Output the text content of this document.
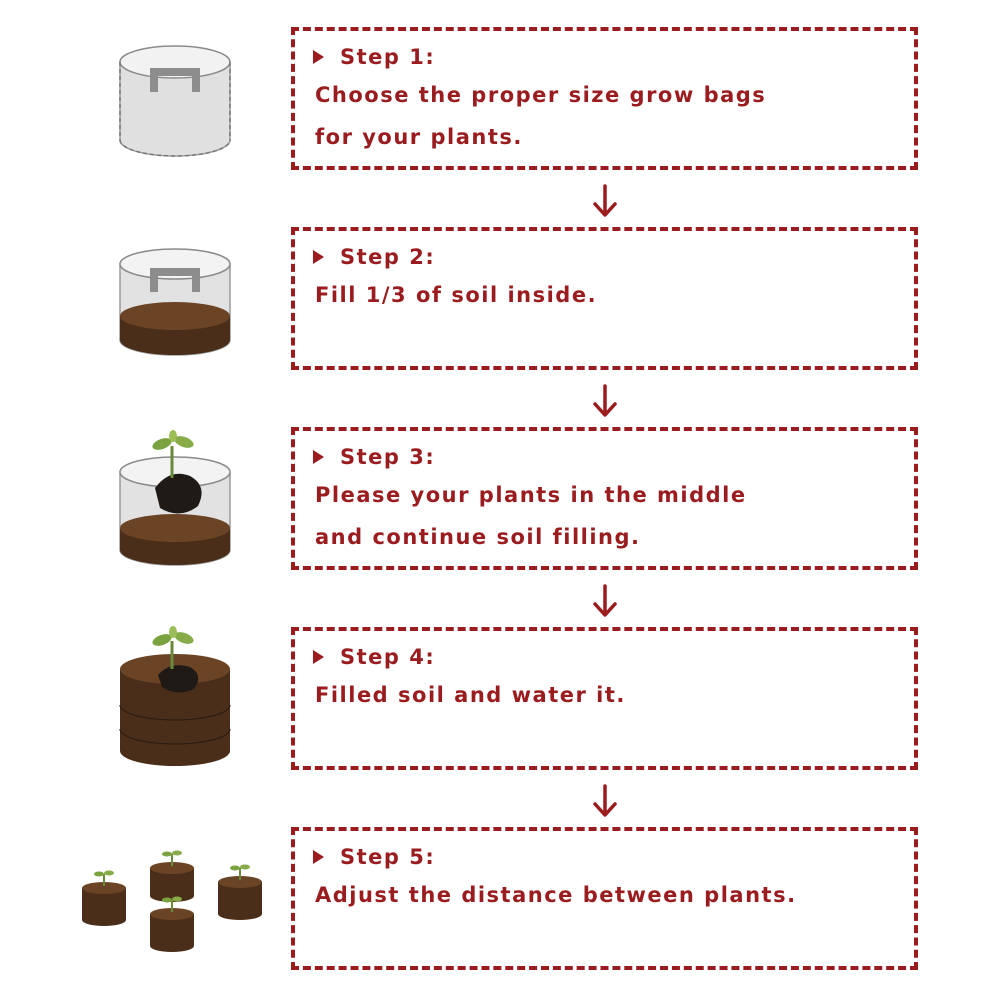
Step 1:
Choose the proper size grow bags
for your plants.
Step 2:
Fill 1/3 of soil inside.
Step 3:
Please your plants in the middle
and continue soil filling.
Step 4:
Filled soil and water it.
Step 5:
Adjust the distance between plants.
